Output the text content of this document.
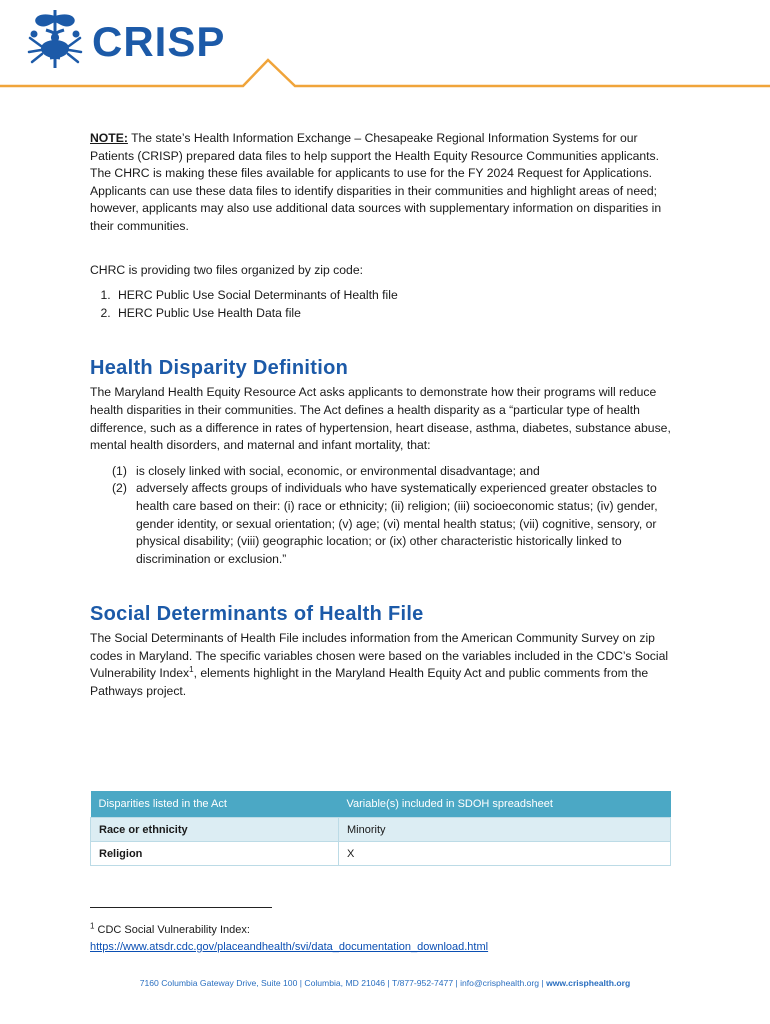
CRISP

NOTE: The state’s Health Information Exchange – Chesapeake Regional Information Systems for our Patients (CRISP) prepared data files to help support the Health Equity Resource Communities applicants. The CHRC is making these files available for applicants to use for the FY 2024 Request for Applications. Applicants can use these data files to identify disparities in their communities and highlight areas of need; however, applicants may also use additional data sources with supplementary information on disparities in their communities.

CHRC is providing two files organized by zip code:

1. HERC Public Use Social Determinants of Health file
2. HERC Public Use Health Data file
Health Disparity Definition

The Maryland Health Equity Resource Act asks applicants to demonstrate how their programs will reduce health disparities in their communities. The Act defines a health disparity as a “particular type of health difference, such as a difference in rates of hypertension, heart disease, asthma, diabetes, substance abuse, mental health disorders, and maternal and infant mortality, that:

(1) is closely linked with social, economic, or environmental disadvantage; and
(2) adversely affects groups of individuals who have systematically experienced greater obstacles to health care based on their: (i) race or ethnicity; (ii) religion; (iii) socioeconomic status; (iv) gender, gender identity, or sexual orientation; (v) age; (vi) mental health status; (vii) cognitive, sensory, or physical disability; (viii) geographic location; or (ix) other characteristic historically linked to discrimination or exclusion.”
Social Determinants of Health File

The Social Determinants of Health File includes information from the American Community Survey on zip codes in Maryland. The specific variables chosen were based on the variables included in the CDC’s Social Vulnerability Index$^1$, elements highlight in the Maryland Health Equity Act and public comments from the Pathways project.

Disparities listed in the Act	Variable(s) included in SDOH spreadsheet
Race or ethnicity	Minority
Religion	X
$^1$ CDC Social Vulnerability Index:
https://www.atsdr.cdc.gov/placeandhealth/svi/data_documentation_download.html
7160 Columbia Gateway Drive, Suite 100 | Columbia, MD 21046 | T/877-952-7477 | info@crisphealth.org | www.crisphealth.org
